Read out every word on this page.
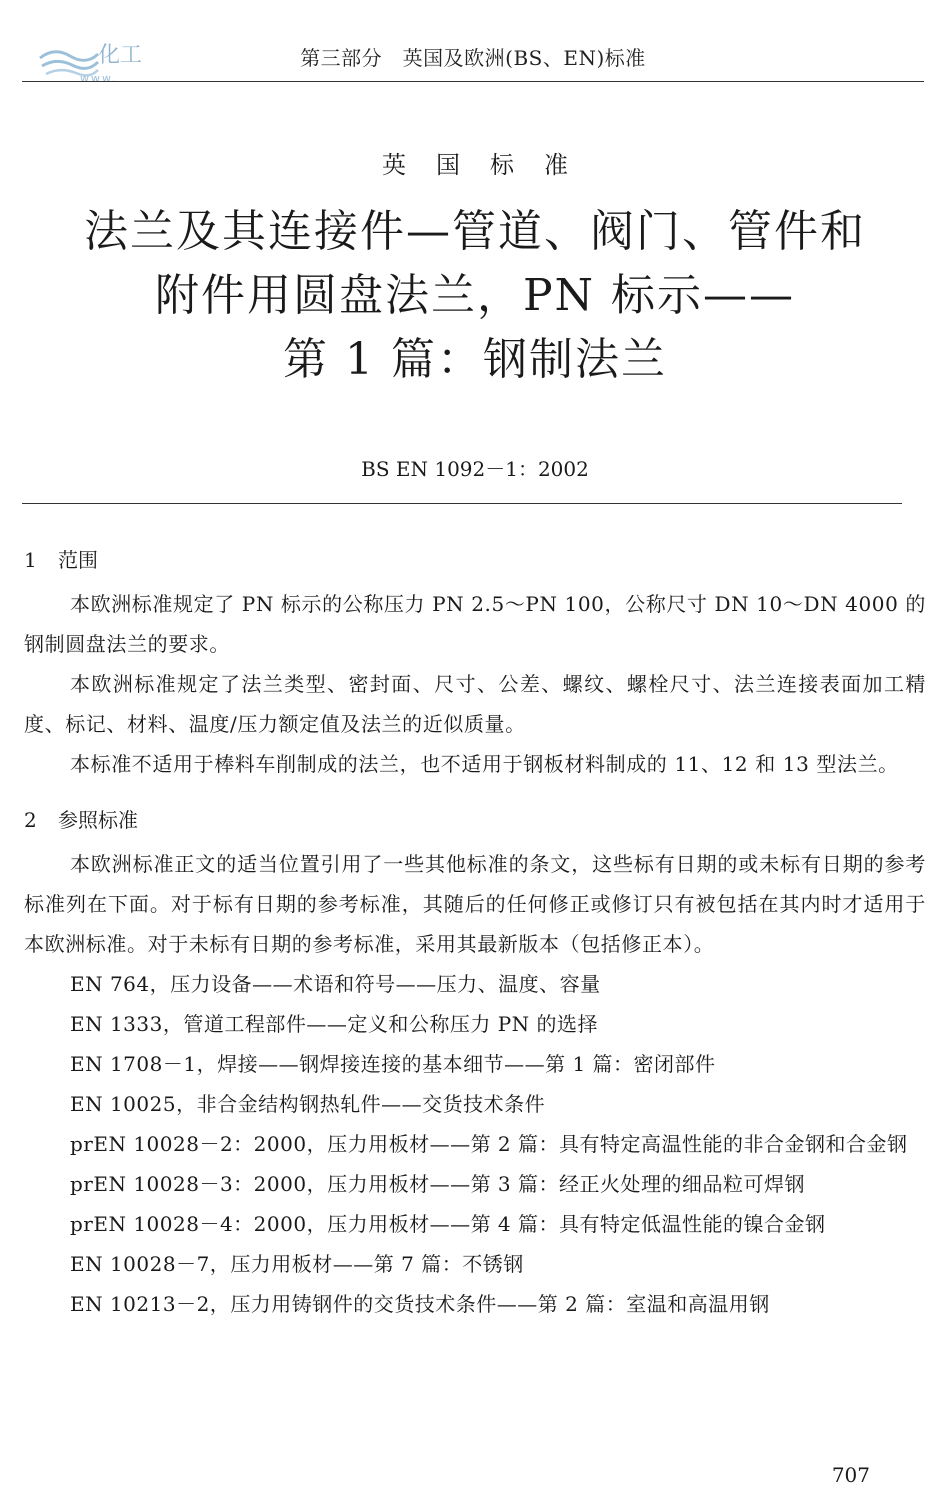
化工
www.
第三部分　英国及欧洲(BS、EN)标准
英国标准
法兰及其连接件—管道、阀门、管件和
附件用圆盘法兰，PN 标示——
第 1 篇：钢制法兰
BS EN 1092－1：2002
1 范围

本欧洲标准规定了 PN 标示的公称压力 PN 2.5～PN 100，公称尺寸 DN 10～DN 4000 的钢制圆盘法兰的要求。

本欧洲标准规定了法兰类型、密封面、尺寸、公差、螺纹、螺栓尺寸、法兰连接表面加工精度、标记、材料、温度/压力额定值及法兰的近似质量。

本标准不适用于棒料车削制成的法兰，也不适用于钢板材料制成的 11、12 和 13 型法兰。

2 参照标准

本欧洲标准正文的适当位置引用了一些其他标准的条文，这些标有日期的或未标有日期的参考标准列在下面。对于标有日期的参考标准，其随后的任何修正或修订只有被包括在其内时才适用于本欧洲标准。对于未标有日期的参考标准，采用其最新版本（包括修正本）。

EN 764， 压力设备——术语和符号——压力、温度、容量
EN 1333， 管道工程部件——定义和公称压力 PN 的选择
EN 1708－1， 焊接——钢焊接连接的基本细节——第 1 篇：密闭部件
EN 10025， 非合金结构钢热轧件——交货技术条件
prEN 10028－2：2000， 压力用板材——第 2 篇：具有特定高温性能的非合金钢和合金钢
prEN 10028－3：2000， 压力用板材——第 3 篇：经正火处理的细品粒可焊钢
prEN 10028－4：2000， 压力用板材——第 4 篇：具有特定低温性能的镍合金钢
EN 10028－7， 压力用板材——第 7 篇：不锈钢
EN 10213－2， 压力用铸钢件的交货技术条件——第 2 篇：室温和高温用钢
707
